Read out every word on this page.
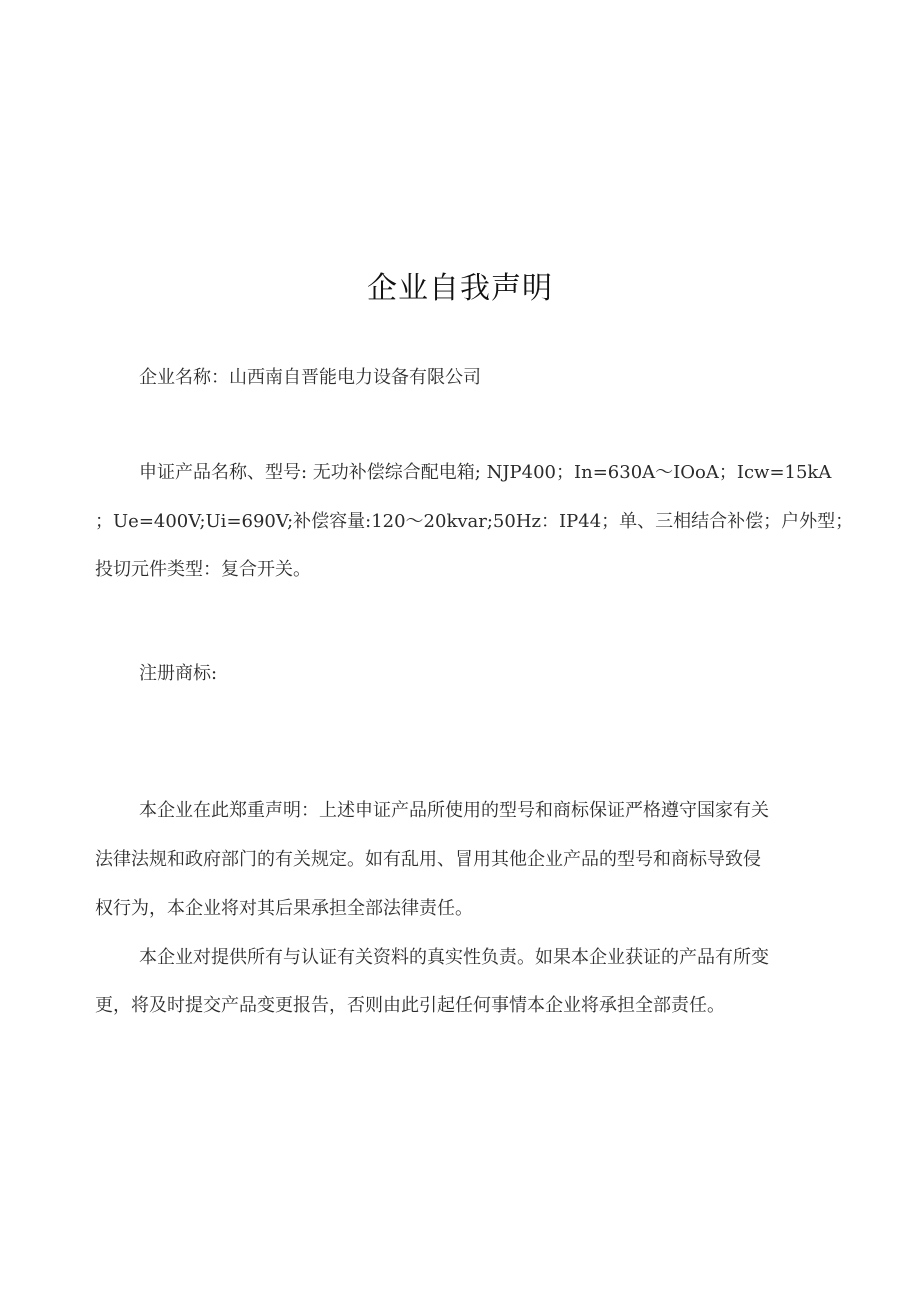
企业自我声明
企业名称：山西南自晋能电力设备有限公司
申证产品名称、型号: 无功补偿综合配电箱; NJP400；In=630A～IOoA；Icw=15kA
；Ue=400V;Ui=690V;补偿容量:120～20kvar;50Hz：IP44；单、三相结合补偿；户外型；
投切元件类型：复合开关。
注册商标:
本企业在此郑重声明：上述申证产品所使用的型号和商标保证严格遵守国家有关
法律法规和政府部门的有关规定。如有乱用、冒用其他企业产品的型号和商标导致侵
权行为，本企业将对其后果承担全部法律责任。
本企业对提供所有与认证有关资料的真实性负责。如果本企业获证的产品有所变
更，将及时提交产品变更报告，否则由此引起任何事情本企业将承担全部责任。
